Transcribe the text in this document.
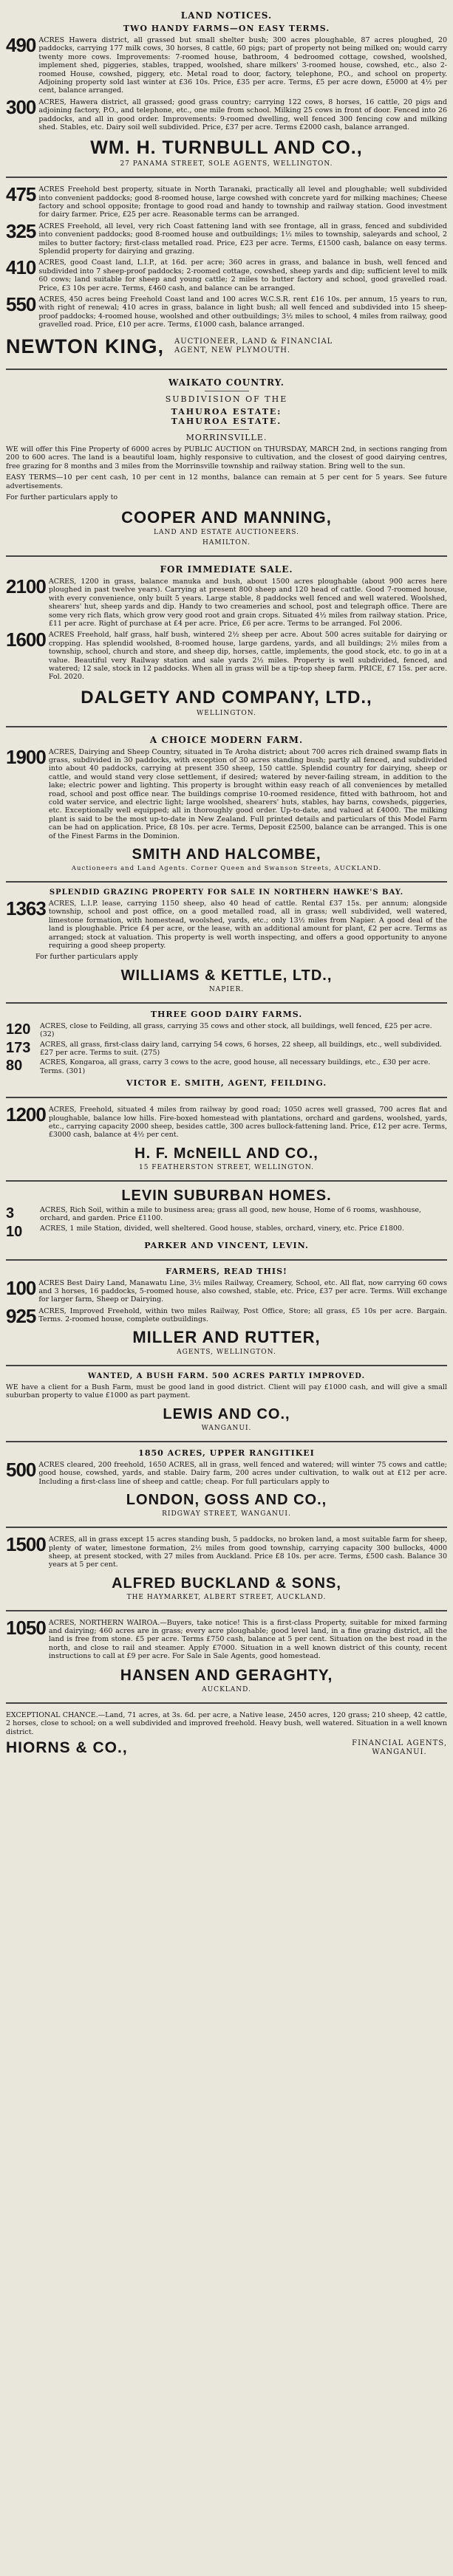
LAND NOTICES.
TWO HANDY FARMS—ON EASY TERMS.
490 ACRES Hawera district, all grassed but small shelter bush; 300 acres ploughable, 87 acres ploughed, 20 paddocks, carrying 177 milk cows, 30 horses, 8 cattle, 60 pigs; part of property not being milked on; would carry twenty more cows. Improvements: 7-roomed house, bathroom, 4 bedroomed cottage, cowshed, woolshed, implement shed, piggeries, stables, trapped, woolshed, share milkers' 3-roomed house, cowshed, etc., also 2-roomed House, cowshed, piggery, etc. Metal road to door, factory, telephone, P.O., and school on property. Adjoining property sold last winter at £36 10s. Price, £35 per acre. Terms, £5 per acre down, £5000 at 4½ per cent, balance arranged.
300 ACRES, Hawera district, all grassed; good grass country; carrying 122 cows, 8 horses, 16 cattle, 20 pigs and adjoining factory, P.O., and telephone, etc., one mile from school. Milking 25 cows in front of door. Fenced into 26 paddocks, and all in good order. Improvements: 9-roomed dwelling, well fenced 300 fencing cow and milking shed. Stables, etc. Dairy soil well subdivided. Price, £37 per acre. Terms £2000 cash, balance arranged.
WM. H. TURNBULL AND CO.,
27 PANAMA STREET, SOLE AGENTS, WELLINGTON.
475 ACRES Freehold best property, situate in North Taranaki, practically all level and ploughable; well subdivided into convenient paddocks; good 8-roomed house, large cowshed with concrete yard for milking machines; Cheese factory and school opposite; frontage to good road and handy to township and railway station. Good investment for dairy farmer. Price, £25 per acre. Reasonable terms can be arranged.
325 ACRES Freehold, all level, very rich Coast fattening land with see frontage, all in grass, fenced and subdivided into convenient paddocks; good 8-roomed house and outbuildings; 1½ miles to township, saleyards and school, 2 miles to butter factory; first-class metalled road. Price, £23 per acre. Terms, £1500 cash, balance on easy terms. Splendid property for dairying and grazing.
410 ACRES, good Coast land, L.I.P., at 16d. per acre; 360 acres in grass, and balance in bush, well fenced and subdivided into 7 sheep-proof paddocks; 2-roomed cottage, cowshed, sheep yards and dip; sufficient level to milk 60 cows; land suitable for sheep and young cattle; 2 miles to butter factory and school, good gravelled road. Price, £3 10s per acre. Terms, £460 cash, and balance can be arranged.
550 ACRES, 450 acres being Freehold Coast land and 100 acres W.C.S.R. rent £16 10s. per annum, 15 years to run, with right of renewal; 410 acres in grass, balance in light bush; all well fenced and subdivided into 15 sheep-proof paddocks; 4-roomed house, woolshed and other outbuildings; 3½ miles to school, 4 miles from railway, good gravelled road. Price, £10 per acre. Terms, £1000 cash, balance arranged.
NEWTON KING, AUCTIONEER, LAND & FINANCIAL
AGENT, NEW PLYMOUTH.
WAIKATO COUNTRY.
SUBDIVISION OF THE
TAHUROA ESTATE:
TAHUROA ESTATE.
MORRINSVILLE.
WE will offer this Fine Property of 6000 acres by PUBLIC AUCTION on THURSDAY, MARCH 2nd, in sections ranging from 200 to 600 acres. The land is a beautiful loam, highly responsive to cultivation, and the closest of good dairying centres, free grazing for 8 months and 3 miles from the Morrinsville township and railway station. Bring well to the sun.
EASY TERMS—10 per cent cash, 10 per cent in 12 months, balance can remain at 5 per cent for 5 years. See future advertisements.
For further particulars apply to
COOPER AND MANNING,
LAND AND ESTATE AUCTIONEERS.
HAMILTON.
FOR IMMEDIATE SALE.
2100 ACRES, 1200 in grass, balance manuka and bush, about 1500 acres ploughable (about 900 acres here ploughed in past twelve years). Carrying at present 800 sheep and 120 head of cattle. Good 7-roomed house, with every convenience, only built 5 years. Large stable, 8 paddocks well fenced and well watered. Woolshed, shearers' hut, sheep yards and dip. Handy to two creameries and school, post and telegraph office. There are some very rich flats, which grow very good root and grain crops. Situated 4½ miles from railway station. Price, £11 per acre. Right of purchase at £4 per acre. Price, £6 per acre. Terms to be arranged. Fol 2006.
1600 ACRES Freehold, half grass, half bush, wintered 2½ sheep per acre. About 500 acres suitable for dairying or cropping. Has splendid woolshed, 8-roomed house, large gardens, yards, and all buildings; 2½ miles from a township, school, church and store, and sheep dip, horses, cattle, implements, the good stock, etc. to go in at a value. Beautiful very Railway station and sale yards 2½ miles. Property is well subdivided, fenced, and watered; 12 sale, stock in 12 paddocks. When all in grass will be a tip-top sheep farm. PRICE, £7 15s. per acre. Fol. 2020.
DALGETY AND COMPANY, LTD.,
WELLINGTON.
A CHOICE MODERN FARM.
1900 ACRES, Dairying and Sheep Country, situated in Te Aroha district; about 700 acres rich drained swamp flats in grass, subdivided in 30 paddocks, with exception of 30 acres standing bush; partly all fenced, and subdivided into about 40 paddocks, carrying at present 350 sheep, 150 cattle. Splendid country for dairying, sheep or cattle, and would stand very close settlement, if desired; watered by never-failing stream, in addition to the lake; electric power and lighting. This property is brought within easy reach of all conveniences by metalled road, school and post office near. The buildings comprise 10-roomed residence, fitted with bathroom, hot and cold water service, and electric light; large woolshed, shearers' huts, stables, hay barns, cowsheds, piggeries, etc. Exceptionally well equipped; all in thoroughly good order. Up-to-date, and valued at £4000. The milking plant is said to be the most up-to-date in New Zealand. Full printed details and particulars of this Model Farm can be had on application. Price, £8 10s. per acre. Terms, Deposit £2500, balance can be arranged. This is one of the Finest Farms in the Dominion.
SMITH AND HALCOMBE,
Auctioneers and Land Agents. Corner Queen and Swanson Streets, AUCKLAND.
SPLENDID GRAZING PROPERTY FOR SALE IN NORTHERN HAWKE'S BAY.
1363 ACRES, L.I.P. lease, carrying 1150 sheep, also 40 head of cattle. Rental £37 15s. per annum; alongside township, school and post office, on a good metalled road, all in grass; well subdivided, well watered, limestone formation, with homestead, woolshed, yards, etc.; only 13½ miles from Napier. A good deal of the land is ploughable. Price £4 per acre, or the lease, with an additional amount for plant, £2 per acre. Terms as arranged; stock at valuation. This property is well worth inspecting, and offers a good opportunity to anyone requiring a good sheep property.
For further particulars apply
WILLIAMS & KETTLE, LTD.,
NAPIER.
THREE GOOD DAIRY FARMS.
120	ACRES, close to Feilding, all grass, carrying 35 cows and other stock, all buildings, well fenced, £25 per acre. (32)
173	ACRES, all grass, first-class dairy land, carrying 54 cows, 6 horses, 22 sheep, all buildings, etc., well subdivided. £27 per acre. Terms to suit. (275)
80	ACRES, Kongaroa, all grass, carry 3 cows to the acre, good house, all necessary buildings, etc., £30 per acre. Terms. (301)
VICTOR E. SMITH, AGENT, FEILDING.
1200 ACRES, Freehold, situated 4 miles from railway by good road; 1050 acres well grassed, 700 acres flat and ploughable, balance low hills. Fire-boxed homestead with plantations, orchard and gardens, woolshed, yards, etc., carrying capacity 2000 sheep, besides cattle, 300 acres bullock-fattening land. Price, £12 per acre. Terms, £3000 cash, balance at 4½ per cent.
H. F. McNEILL AND CO.,
15 FEATHERSTON STREET, WELLINGTON.
LEVIN SUBURBAN HOMES.
3	ACRES, Rich Soil, within a mile to business area; grass all good, new house, Home of 6 rooms, washhouse, orchard, and garden. Price £1100.
10	ACRES, 1 mile Station, divided, well sheltered. Good house, stables, orchard, vinery, etc. Price £1800.
PARKER AND VINCENT, LEVIN.
FARMERS, READ THIS!
100 ACRES Best Dairy Land, Manawatu Line, 3½ miles Railway, Creamery, School, etc. All flat, now carrying 60 cows and 3 horses, 16 paddocks, 5-roomed house, also cowshed, stable, etc. Price, £37 per acre. Terms. Will exchange for larger farm, Sheep or Dairying.
925 ACRES, Improved Freehold, within two miles Railway, Post Office, Store; all grass, £5 10s per acre. Bargain. Terms. 2-roomed house, complete outbuildings.
MILLER AND RUTTER,
AGENTS, WELLINGTON.
WANTED, A BUSH FARM. 500 ACRES PARTLY IMPROVED.
WE have a client for a Bush Farm, must be good land in good district. Client will pay £1000 cash, and will give a small suburban property to value £1000 as part payment.
LEWIS AND CO.,
WANGANUI.
1850 ACRES, UPPER RANGITIKEI
500 ACRES cleared, 200 freehold, 1650 ACRES, all in grass, well fenced and watered; will winter 75 cows and cattle; good house, cowshed, yards, and stable. Dairy farm, 200 acres under cultivation, to walk out at £12 per acre. Including a first-class line of sheep and cattle; cheap. For full particulars apply to
LONDON, GOSS AND CO.,
RIDGWAY STREET, WANGANUI.
1500 ACRES, all in grass except 15 acres standing bush, 5 paddocks, no broken land, a most suitable farm for sheep, plenty of water, limestone formation, 2½ miles from good township, carrying capacity 300 bullocks, 4000 sheep, at present stocked, with 27 miles from Auckland. Price £8 10s. per acre. Terms, £500 cash. Balance 30 years at 5 per cent.
ALFRED BUCKLAND & SONS,
THE HAYMARKET, ALBERT STREET, AUCKLAND.
1050 ACRES, NORTHERN WAIROA.—Buyers, take notice! This is a first-class Property, suitable for mixed farming and dairying; 460 acres are in grass; every acre ploughable; good level land, in a fine grazing district, all the land is free from stone. £5 per acre. Terms £750 cash, balance at 5 per cent. Situation on the best road in the north, and close to rail and steamer. Apply £7000. Situation in a well known district of this county, recent instructions to call at £9 per acre. For Sale in Sale Agents, good homestead.
HANSEN AND GERAGHTY,
AUCKLAND.
EXCEPTIONAL CHANCE.—Land, 71 acres, at 3s. 6d. per acre, a Native lease, 2450 acres, 120 grass; 210 sheep, 42 cattle, 2 horses, close to school; on a well subdivided and improved freehold. Heavy bush, well watered. Situation in a well known district.
HIORNS & CO.,	FINANCIAL AGENTS,
WANGANUI.
